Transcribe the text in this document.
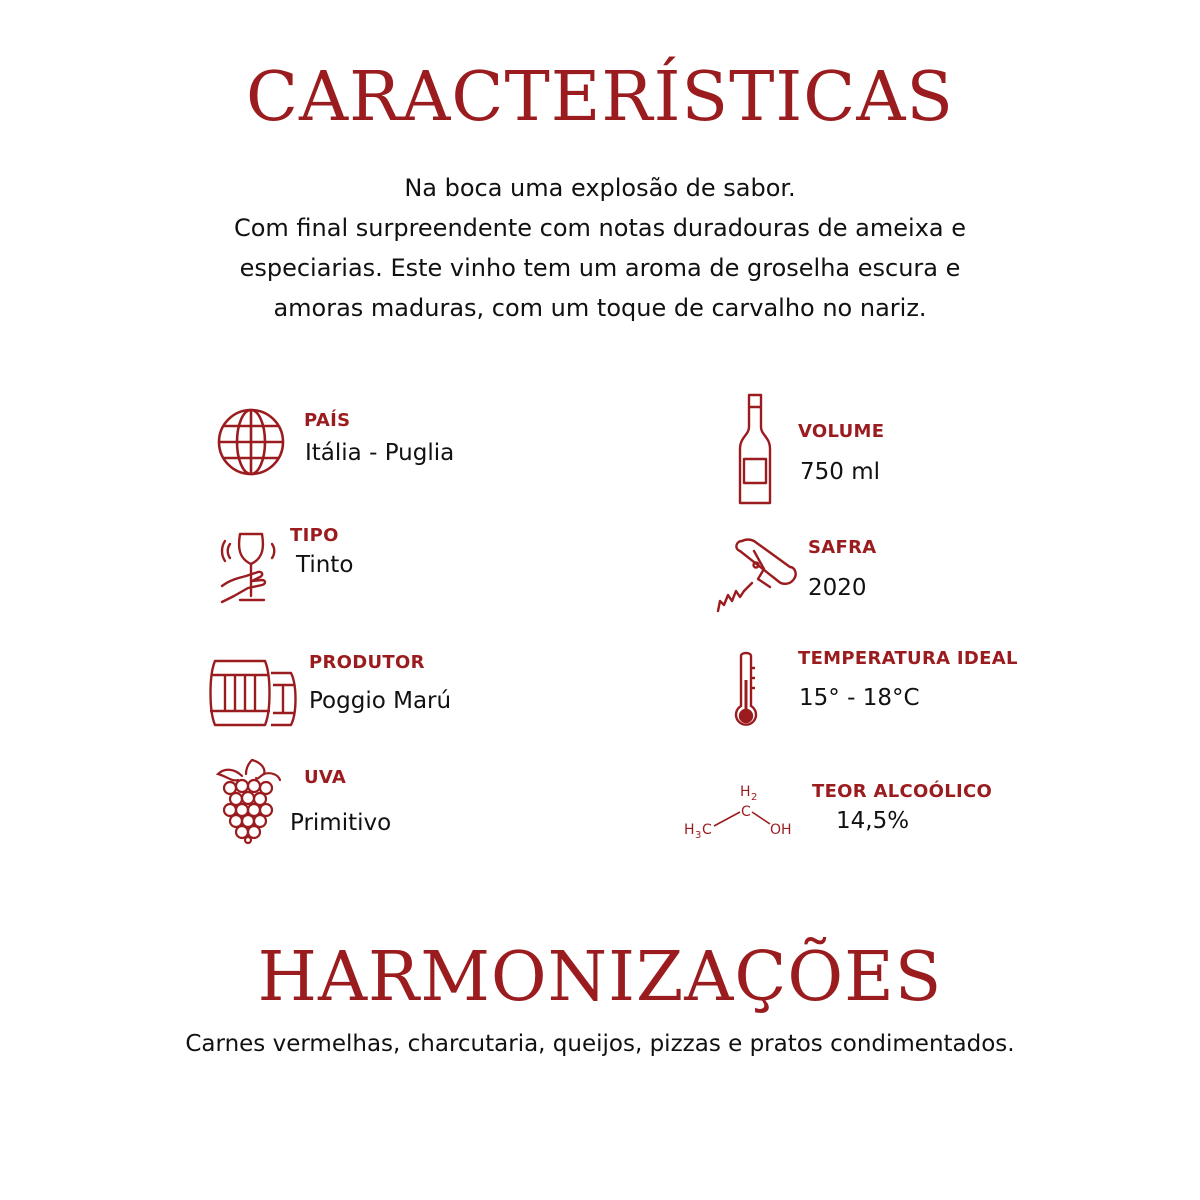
CARACTERÍSTICAS
Na boca uma explosão de sabor.
Com final surpreendente com notas duradouras de ameixa e
especiarias. Este vinho tem um aroma de groselha escura e
amoras maduras, com um toque de carvalho no nariz.
PAÍS
Itália - Puglia
TIPO
Tinto
PRODUTOR
Poggio Marú
UVA
Primitivo
VOLUME
750 ml
SAFRA
2020
TEMPERATURA IDEAL
15° - 18°C
H 2
C
H 3 C	OH
TEOR ALCOÓLICO
14,5%
HARMONIZAÇÕES
Carnes vermelhas, charcutaria, queijos, pizzas e pratos condimentados.
